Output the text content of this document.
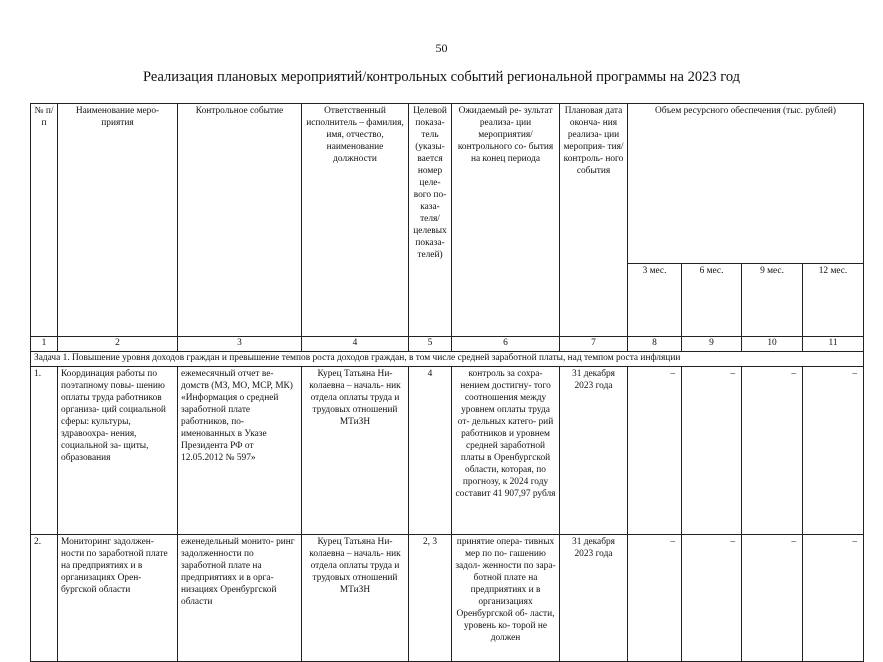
50
Реализация плановых мероприятий/контрольных событий региональной программы на 2023 год
№ п/п	Наименование меро- приятия	Контрольное событие	Ответственный исполнитель – фамилия, имя, отчество, наименование должности	Целевой показа- тель (указы- вается номер целе- вого по- каза- теля/ целевых показа- телей)	Ожидаемый ре- зультат реализа- ции мероприятия/ контрольного со- бытия на конец периода	Плановая дата оконча- ния реализа- ции мероприя- тия/контроль- ного события	Объем ресурсного обеспечения (тыс. рублей)			
							3 мес.	6 мес.	9 мес.	12 мес.
1	2	3	4	5	6	7	8	9	10	11
Задача 1. Повышение уровня доходов граждан и превышение темпов роста доходов граждан, в том числе средней заработной платы, над темпом роста инфляции										
1.	Координация работы по поэтапному повы- шению оплаты труда работников организа- ций социальной сферы: культуры, здравоохра- нения, социальной за- щиты, образования	ежемесячный отчет ве- домств (МЗ, МО, МСР, МК) «Информация о средней заработной плате работников, по- именованных в Указе Президента РФ от 12.05.2012 № 597»	Курец Татьяна Ни- колаевна – началь- ник отдела оплаты труда и трудовых отношений МТиЗН	4	контроль за сохра- нением достигну- того соотношения между уровнем оплаты труда от- дельных катего- рий работников и уровнем средней заработной платы в Оренбургской области, которая, по прогнозу, к 2024 году составит 41 907,97 рубля	31 декабря 2023 года	–	–	–	–
2.	Мониторинг задолжен- ности по заработной плате на предприятиях и в организациях Орен- бургской области	еженедельный монито- ринг задолженности по заработной плате на предприятиях и в орга- низациях Оренбургской области	Курец Татьяна Ни- колаевна – началь- ник отдела оплаты труда и трудовых отношений МТиЗН	2, 3	принятие опера- тивных мер по по- гашению задол- женности по зара- ботной плате на предприятиях и в организациях Оренбургской об- ласти, уровень ко- торой не должен	31 декабря 2023 года	–	–	–	–
